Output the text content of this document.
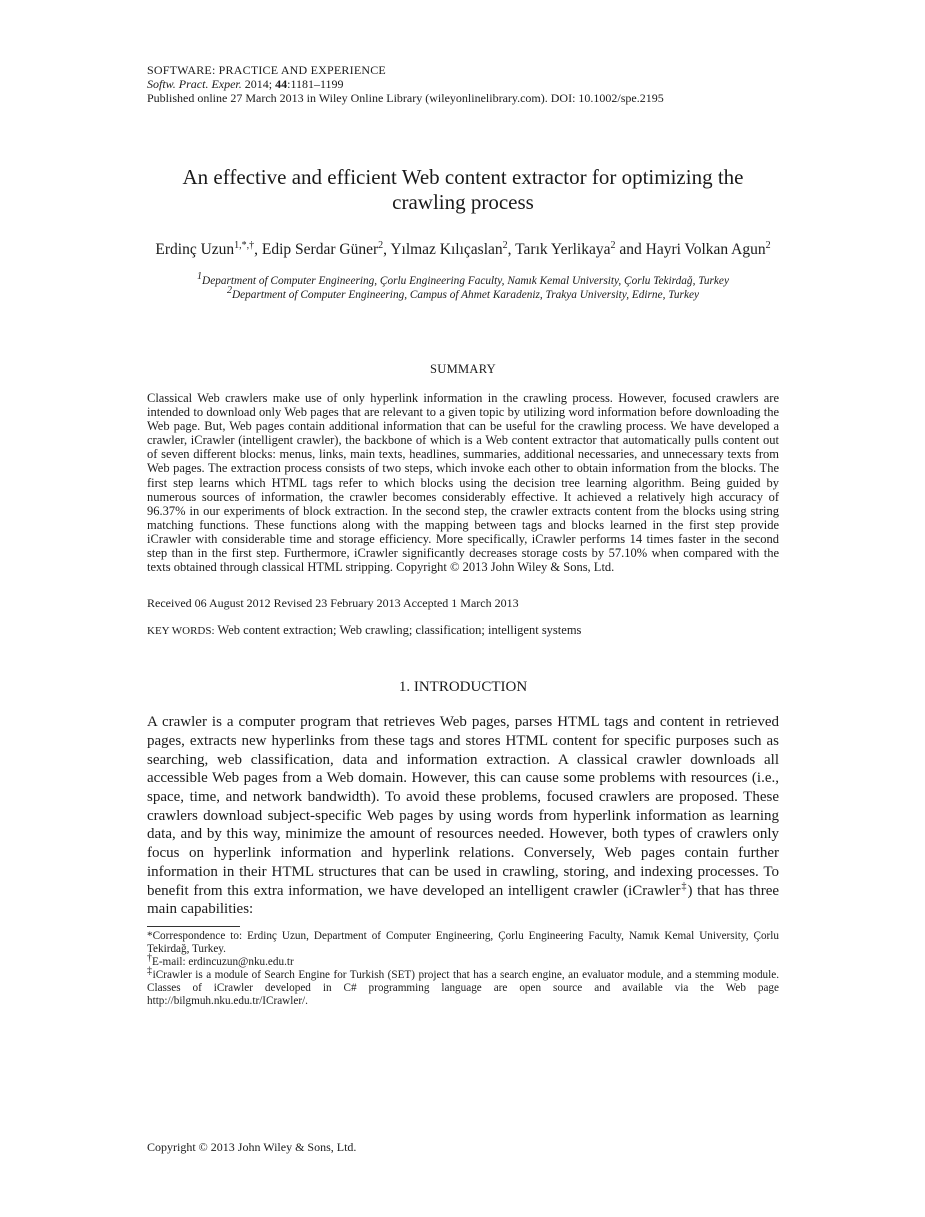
SOFTWARE: PRACTICE AND EXPERIENCE
Softw. Pract. Exper. 2014; 44:1181–1199
Published online 27 March 2013 in Wiley Online Library (wileyonlinelibrary.com). DOI: 10.1002/spe.2195
An effective and efficient Web content extractor for optimizing the crawling process
Erdinç Uzun$^{1,*,\dagger}$, Edip Serdar Güner$^2$, Yılmaz Kılıçaslan$^2$, Tarık Yerlikaya$^2$ and Hayri Volkan Agun$^2$
$^1$Department of Computer Engineering, Çorlu Engineering Faculty, Namık Kemal University, Çorlu Tekirdağ, Turkey
$^2$Department of Computer Engineering, Campus of Ahmet Karadeniz, Trakya University, Edirne, Turkey
SUMMARY
Classical Web crawlers make use of only hyperlink information in the crawling process. However, focused crawlers are intended to download only Web pages that are relevant to a given topic by utilizing word information before downloading the Web page. But, Web pages contain additional information that can be useful for the crawling process. We have developed a crawler, iCrawler (intelligent crawler), the backbone of which is a Web content extractor that automatically pulls content out of seven different blocks: menus, links, main texts, headlines, summaries, additional necessaries, and unnecessary texts from Web pages. The extraction process consists of two steps, which invoke each other to obtain information from the blocks. The first step learns which HTML tags refer to which blocks using the decision tree learning algorithm. Being guided by numerous sources of information, the crawler becomes considerably effective. It achieved a relatively high accuracy of 96.37% in our experiments of block extraction. In the second step, the crawler extracts content from the blocks using string matching functions. These functions along with the mapping between tags and blocks learned in the first step provide iCrawler with considerable time and storage efficiency. More specifically, iCrawler performs 14 times faster in the second step than in the first step. Furthermore, iCrawler significantly decreases storage costs by 57.10% when compared with the texts obtained through classical HTML stripping. Copyright © 2013 John Wiley & Sons, Ltd.
Received 06 August 2012 Revised 23 February 2013 Accepted 1 March 2013
KEY WORDS: Web content extraction; Web crawling; classification; intelligent systems
1. INTRODUCTION
A crawler is a computer program that retrieves Web pages, parses HTML tags and content in retrieved pages, extracts new hyperlinks from these tags and stores HTML content for specific purposes such as searching, web classification, data and information extraction. A classical crawler downloads all accessible Web pages from a Web domain. However, this can cause some problems with resources (i.e., space, time, and network bandwidth). To avoid these problems, focused crawlers are proposed. These crawlers download subject-specific Web pages by using words from hyperlink information as learning data, and by this way, minimize the amount of resources needed. However, both types of crawlers only focus on hyperlink information and hyperlink relations. Conversely, Web pages contain further information in their HTML structures that can be used in crawling, storing, and indexing processes. To benefit from this extra information, we have developed an intelligent crawler (iCrawler‡) that has three main capabilities:
*Correspondence to: Erdinç Uzun, Department of Computer Engineering, Çorlu Engineering Faculty, Namık Kemal University, Çorlu Tekirdağ, Turkey.
†E-mail: erdincuzun@nku.edu.tr
‡iCrawler is a module of Search Engine for Turkish (SET) project that has a search engine, an evaluator module, and a stemming module. Classes of iCrawler developed in C# programming language are open source and available via the Web page http://bilgmuh.nku.edu.tr/ICrawler/.
Copyright © 2013 John Wiley & Sons, Ltd.
